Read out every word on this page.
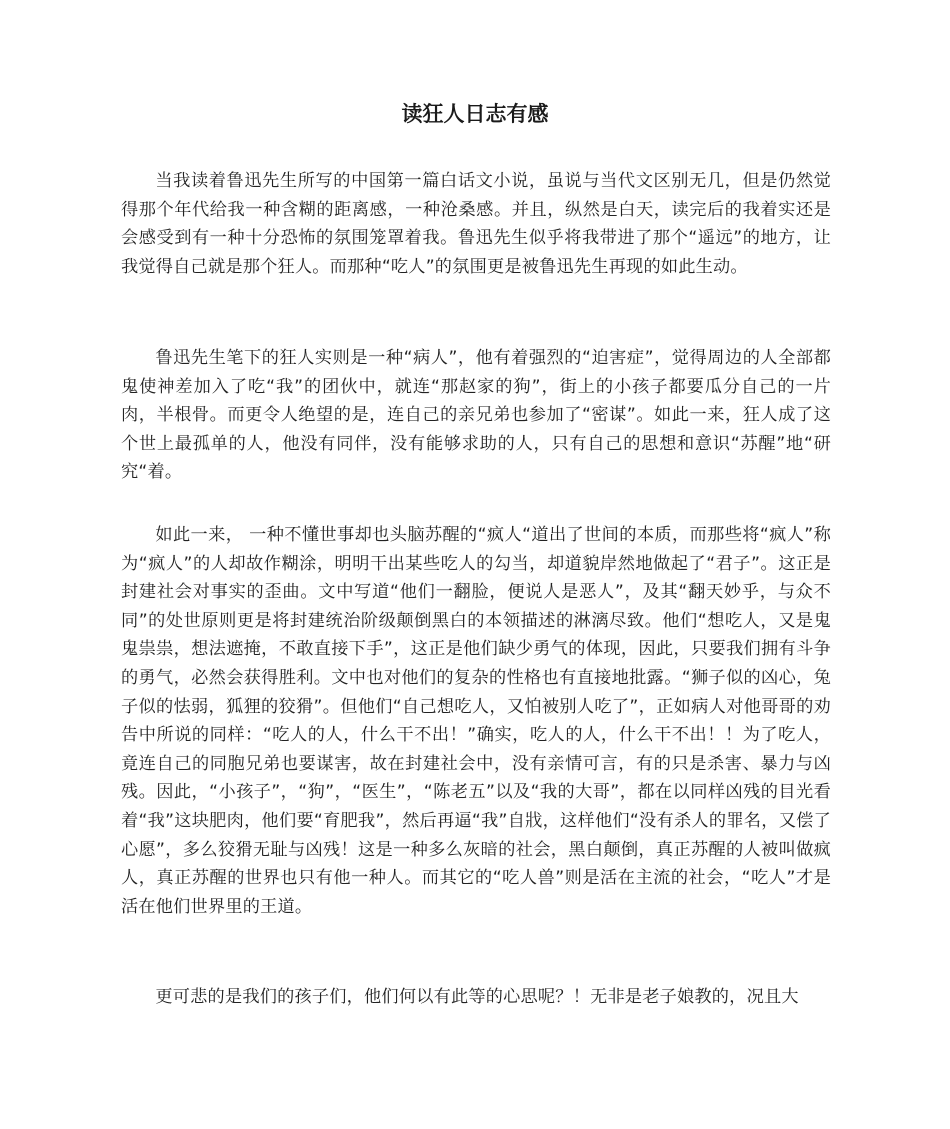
读狂人日志有感

当我读着鲁迅先生所写的中国第一篇白话文小说，虽说与当代文区别无几，但是仍然觉得那个年代给我一种含糊的距离感，一种沧桑感。并且，纵然是白天，读完后的我着实还是会感受到有一种十分恐怖的氛围笼罩着我。鲁迅先生似乎将我带进了那个“遥远”的地方，让我觉得自己就是那个狂人。而那种“吃人”的氛围更是被鲁迅先生再现的如此生动。

鲁迅先生笔下的狂人实则是一种“病人”，他有着强烈的“迫害症”，觉得周边的人全部都鬼使神差加入了吃“我”的团伙中，就连“那赵家的狗”，街上的小孩子都要瓜分自己的一片肉，半根骨。而更令人绝望的是，连自己的亲兄弟也参加了“密谋”。如此一来，狂人成了这个世上最孤单的人，他没有同伴，没有能够求助的人，只有自己的思想和意识“苏醒”地“研究“着。

如此一来， 一种不懂世事却也头脑苏醒的“疯人“道出了世间的本质，而那些将“疯人”称为“疯人”的人却故作糊涂，明明干出某些吃人的勾当，却道貌岸然地做起了“君子”。这正是封建社会对事实的歪曲。文中写道“他们一翻脸，便说人是恶人”，及其“翻天妙乎，与众不同”的处世原则更是将封建统治阶级颠倒黑白的本领描述的淋漓尽致。他们“想吃人，又是鬼鬼祟祟，想法遮掩，不敢直接下手”，这正是他们缺少勇气的体现，因此，只要我们拥有斗争的勇气，必然会获得胜利。文中也对他们的复杂的性格也有直接地批露。“狮子似的凶心，兔子似的怯弱，狐狸的狡猾”。但他们“自己想吃人，又怕被别人吃了”，正如病人对他哥哥的劝告中所说的同样：“吃人的人，什么干不出！”确实，吃人的人，什么干不出！！为了吃人，竟连自己的同胞兄弟也要谋害，故在封建社会中，没有亲情可言，有的只是杀害、暴力与凶残。因此，“小孩子”，“狗”，“医生”，“陈老五”以及“我的大哥”，都在以同样凶残的目光看着“我”这块肥肉，他们要“育肥我”，然后再逼“我”自戕，这样他们“没有杀人的罪名，又偿了心愿”，多么狡猾无耻与凶残！这是一种多么灰暗的社会，黑白颠倒，真正苏醒的人被叫做疯人，真正苏醒的世界也只有他一种人。而其它的“吃人兽”则是活在主流的社会，“吃人”才是活在他们世界里的王道。

更可悲的是我们的孩子们，他们何以有此等的心思呢？！无非是老子娘教的，况且大
